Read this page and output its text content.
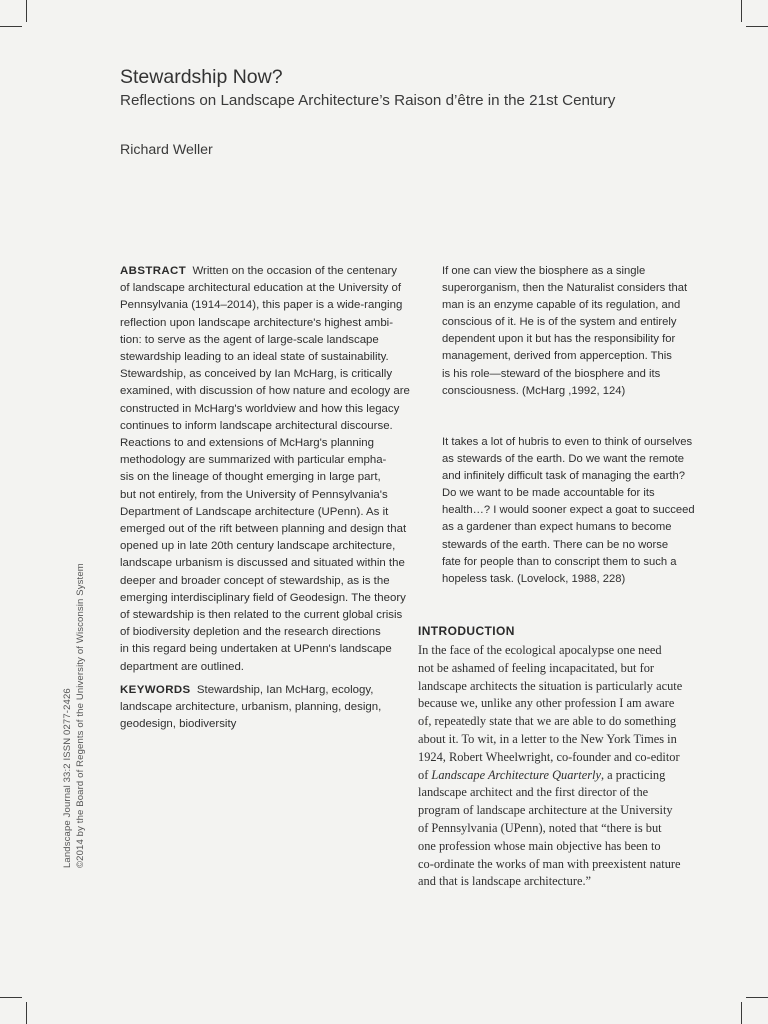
Stewardship Now?
Reflections on Landscape Architecture’s Raison d’être in the 21st Century
Richard Weller
ABSTRACT Written on the occasion of the centenary
of landscape architectural education at the University of
Pennsylvania (1914–2014), this paper is a wide-ranging
reflection upon landscape architecture's highest ambi-
tion: to serve as the agent of large-scale landscape
stewardship leading to an ideal state of sustainability.
Stewardship, as conceived by Ian McHarg, is critically
examined, with discussion of how nature and ecology are
constructed in McHarg's worldview and how this legacy
continues to inform landscape architectural discourse.
Reactions to and extensions of McHarg's planning
methodology are summarized with particular empha-
sis on the lineage of thought emerging in large part,
but not entirely, from the University of Pennsylvania's
Department of Landscape architecture (UPenn). As it
emerged out of the rift between planning and design that
opened up in late 20th century landscape architecture,
landscape urbanism is discussed and situated within the
deeper and broader concept of stewardship, as is the
emerging interdisciplinary field of Geodesign. The theory
of stewardship is then related to the current global crisis
of biodiversity depletion and the research directions
in this regard being undertaken at UPenn's landscape
department are outlined.
KEYWORDS Stewardship, Ian McHarg, ecology,
landscape architecture, urbanism, planning, design,
geodesign, biodiversity
If one can view the biosphere as a single
superorganism, then the Naturalist considers that
man is an enzyme capable of its regulation, and
conscious of it. He is of the system and entirely
dependent upon it but has the responsibility for
management, derived from apperception. This
is his role—steward of the biosphere and its
consciousness. (McHarg ,1992, 124)
It takes a lot of hubris to even to think of ourselves
as stewards of the earth. Do we want the remote
and infinitely difficult task of managing the earth?
Do we want to be made accountable for its
health…? I would sooner expect a goat to succeed
as a gardener than expect humans to become
stewards of the earth. There can be no worse
fate for people than to conscript them to such a
hopeless task. (Lovelock, 1988, 228)
INTRODUCTION
In the face of the ecological apocalypse one need
not be ashamed of feeling incapacitated, but for
landscape architects the situation is particularly acute
because we, unlike any other profession I am aware
of, repeatedly state that we are able to do something
about it. To wit, in a letter to the New York Times in
1924, Robert Wheelwright, co-founder and co-editor
of Landscape Architecture Quarterly, a practicing
landscape architect and the first director of the
program of landscape architecture at the University
of Pennsylvania (UPenn), noted that “there is but
one profession whose main objective has been to
co-ordinate the works of man with preexistent nature
and that is landscape architecture.”
Landscape Journal 33:2 ISSN 0277-2426 ©2014 by the Board of Regents of the University of Wisconsin System
